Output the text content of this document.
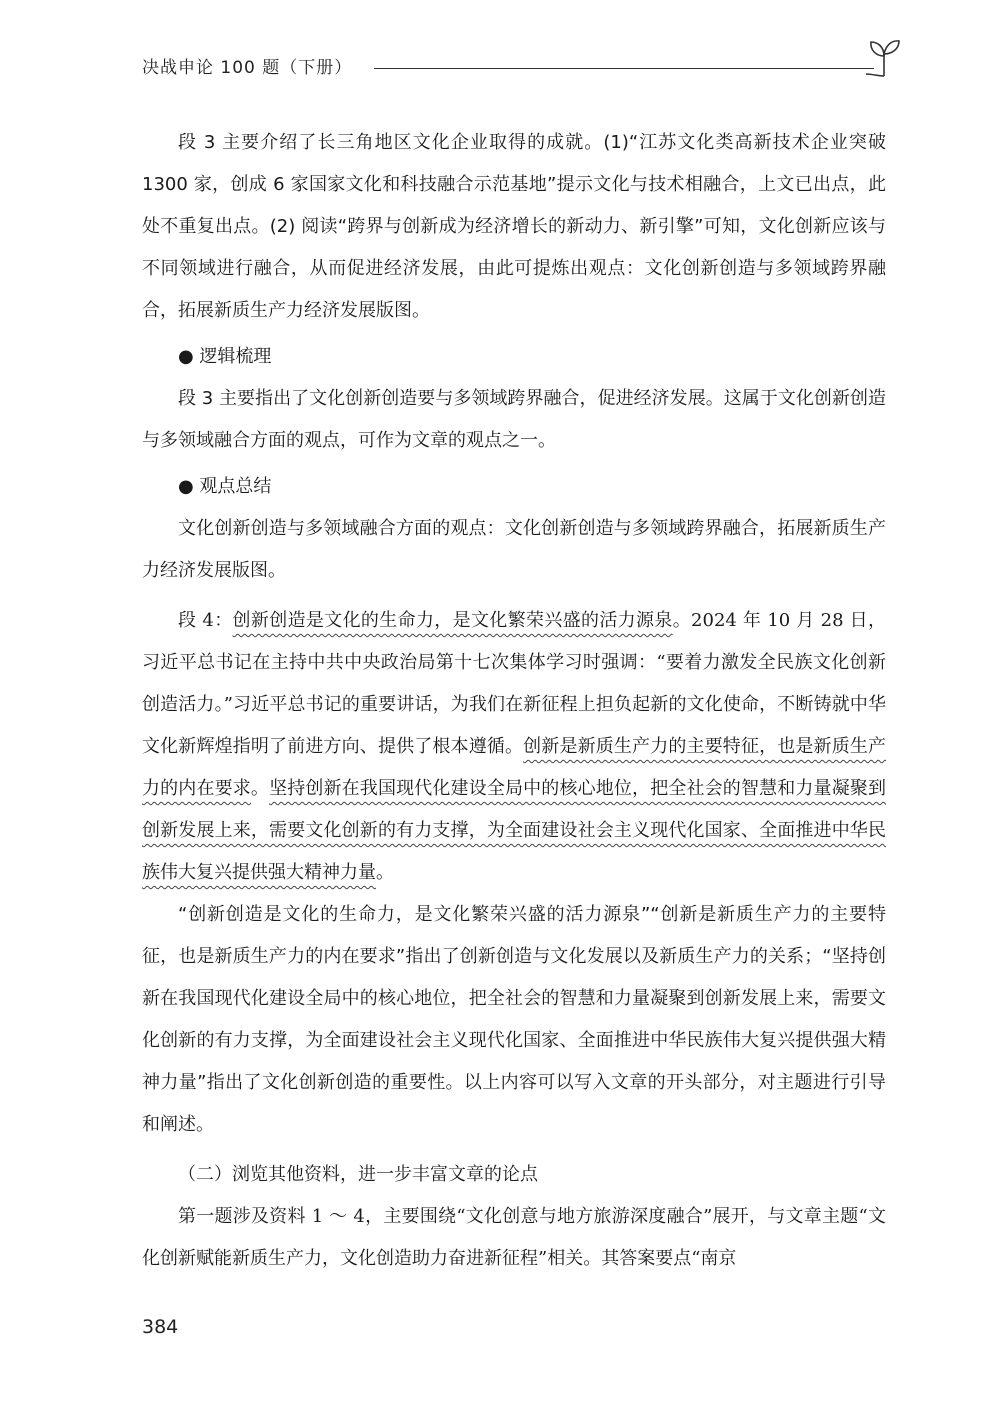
决战申论 100 题（下册）

段 3 主要介绍了长三角地区文化企业取得的成就。(1)“江苏文化类高新技术企业突破 1300 家，创成 6 家国家文化和科技融合示范基地”提示文化与技术相融合，上文已出点，此处不重复出点。(2) 阅读“跨界与创新成为经济增长的新动力、新引擎”可知，文化创新应该与不同领域进行融合，从而促进经济发展，由此可提炼出观点：文化创新创造与多领域跨界融合，拓展新质生产力经济发展版图。

● 逻辑梳理

段 3 主要指出了文化创新创造要与多领域跨界融合，促进经济发展。这属于文化创新创造与多领域融合方面的观点，可作为文章的观点之一。

● 观点总结

文化创新创造与多领域融合方面的观点：文化创新创造与多领域跨界融合，拓展新质生产力经济发展版图。

段 4：创新创造是文化的生命力，是文化繁荣兴盛的活力源泉。2024 年 10 月 28 日，习近平总书记在主持中共中央政治局第十七次集体学习时强调：“要着力激发全民族文化创新创造活力。”习近平总书记的重要讲话，为我们在新征程上担负起新的文化使命，不断铸就中华文化新辉煌指明了前进方向、提供了根本遵循。创新是新质生产力的主要特征，也是新质生产力的内在要求。坚持创新在我国现代化建设全局中的核心地位，把全社会的智慧和力量凝聚到创新发展上来，需要文化创新的有力支撑，为全面建设社会主义现代化国家、全面推进中华民族伟大复兴提供强大精神力量。

“创新创造是文化的生命力，是文化繁荣兴盛的活力源泉”“创新是新质生产力的主要特征，也是新质生产力的内在要求”指出了创新创造与文化发展以及新质生产力的关系；“坚持创新在我国现代化建设全局中的核心地位，把全社会的智慧和力量凝聚到创新发展上来，需要文化创新的有力支撑，为全面建设社会主义现代化国家、全面推进中华民族伟大复兴提供强大精神力量”指出了文化创新创造的重要性。以上内容可以写入文章的开头部分，对主题进行引导和阐述。

（二）浏览其他资料，进一步丰富文章的论点

第一题涉及资料 1 ～ 4，主要围绕“文化创意与地方旅游深度融合”展开，与文章主题“文化创新赋能新质生产力，文化创造助力奋进新征程”相关。其答案要点“南京

384
